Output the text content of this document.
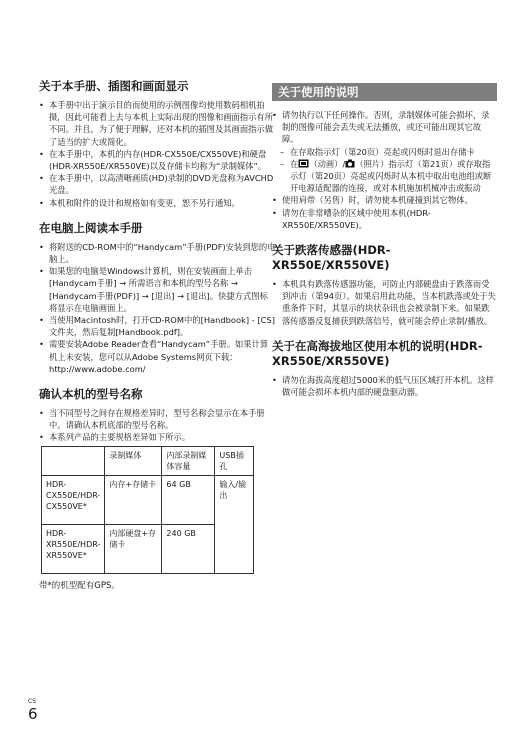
关于本手册、插图和画面显示
• 本手册中出于演示目的而使用的示例图像均使用数码相机拍摄，因此可能看上去与本机上实际出现的图像和画面指示有所不同。并且，为了便于理解，还对本机的插图及其画面指示做了适当的扩大或简化。
• 在本手册中，本机的内存(HDR-CX550E/CX550VE)和硬盘(HDR-XR550E/XR550VE)以及存储卡均称为“录制媒体”。
• 在本手册中，以高清晰画质(HD)录制的DVD光盘称为AVCHD光盘。
• 本机和附件的设计和规格如有变更，恕不另行通知。
在电脑上阅读本手册
• 将附送的CD-ROM中的“Handycam”手册(PDF)安装到您的电脑上。
• 如果您的电脑是Windows计算机，则在安装画面上单击[Handycam手册] → 所需语言和本机的型号名称 → [Handycam手册(PDF)] → [退出] → [退出]。快捷方式图标将显示在电脑画面上。
• 当使用Macintosh时，打开CD-ROM中的[Handbook] - [CS]文件夹，然后复制[Handbook.pdf]。
• 需要安装Adobe Reader查看“Handycam”手册。如果计算机上未安装，您可以从Adobe Systems网页下载：http://www.adobe.com/
确认本机的型号名称
• 当不同型号之间存在规格差异时，型号名称会显示在本手册中。请确认本机底部的型号名称。
• 本系列产品的主要规格差异如下所示。
	录制媒体	内部录制媒体容量	USB插孔
HDR-CX550E/HDR-CX550VE*	内存+存储卡	64 GB	输入/输出
HDR-XR550E/HDR-XR550VE*	内部硬盘+存储卡	240 GB	
带*的机型配有GPS。
关于使用的说明
• 请勿执行以下任何操作。否则，录制媒体可能会损坏，录制的图像可能会丢失或无法播放，或还可能出现其它故障。
– 在存取指示灯（第20页）亮起或闪烁时退出存储卡
– 在 （动画）/ （照片）指示灯（第21页）或存取指示灯（第20页）亮起或闪烁时从本机中取出电池组或断开电源适配器的连接，或对本机施加机械冲击或振动
• 使用肩带（另售）时，请勿使本机碰撞到其它物体。
• 请勿在非常嘈杂的区域中使用本机(HDR-XR550E/XR550VE)。
关于跌落传感器(HDR-XR550E/XR550VE)
• 本机具有跌落传感器功能，可防止内部硬盘由于跌落而受到冲击（第94页）。如果启用此功能，当本机跌落或处于失重条件下时，其显示的块状杂讯也会被录制下来。如果跌落传感器反复捕获到跌落信号，就可能会停止录制/播放。
关于在高海拔地区使用本机的说明(HDR-XR550E/XR550VE)
• 请勿在海拔高度超过5000米的低气压区域打开本机。这样做可能会损坏本机内部的硬盘驱动器。
CS
6
